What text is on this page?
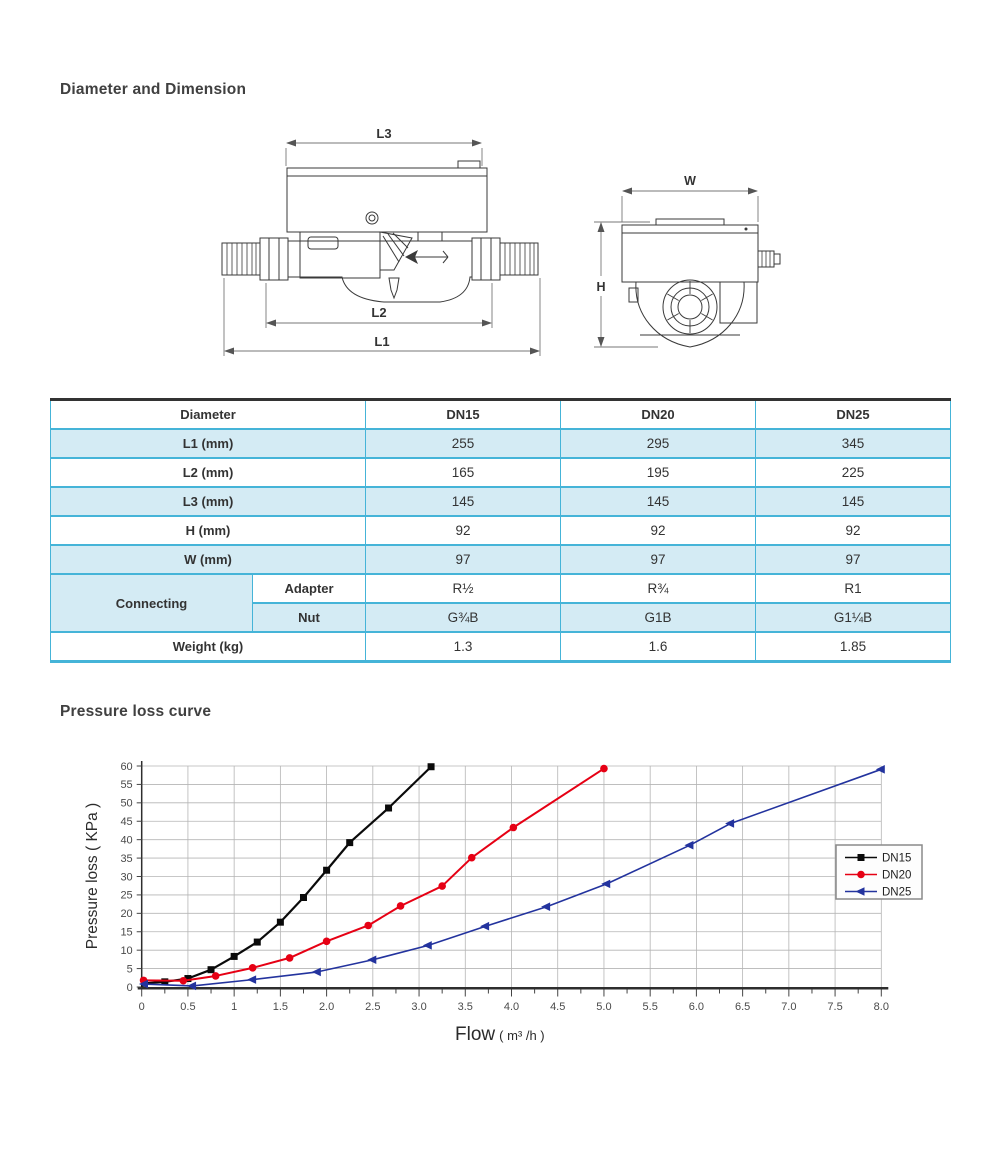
Diameter and Dimension
L3
L2
L1
W
H
Diameter		DN15	DN20	DN25
L1 (mm)		255	295	345
L2 (mm)		165	195	225
L3 (mm)		145	145	145
H (mm)		92	92	92
W (mm)		97	97	97
Connecting	Adapter	R½	R¾	R1
	Nut	G¾B	G1B	G1¼B
Weight (kg)		1.3	1.6	1.85
Pressure loss curve
0	0.5	1	1.5	2.0	2.5	3.0	3.5	4.0	4.5	5.0	5.5	6.0	6.5	7.0	7.5	8.0
0
5
10
15
20
25
30
35
40
45
50
55
60
DN15
DN20
DN25
Pressure loss ( KPa )
Flow ( m³ /h )
